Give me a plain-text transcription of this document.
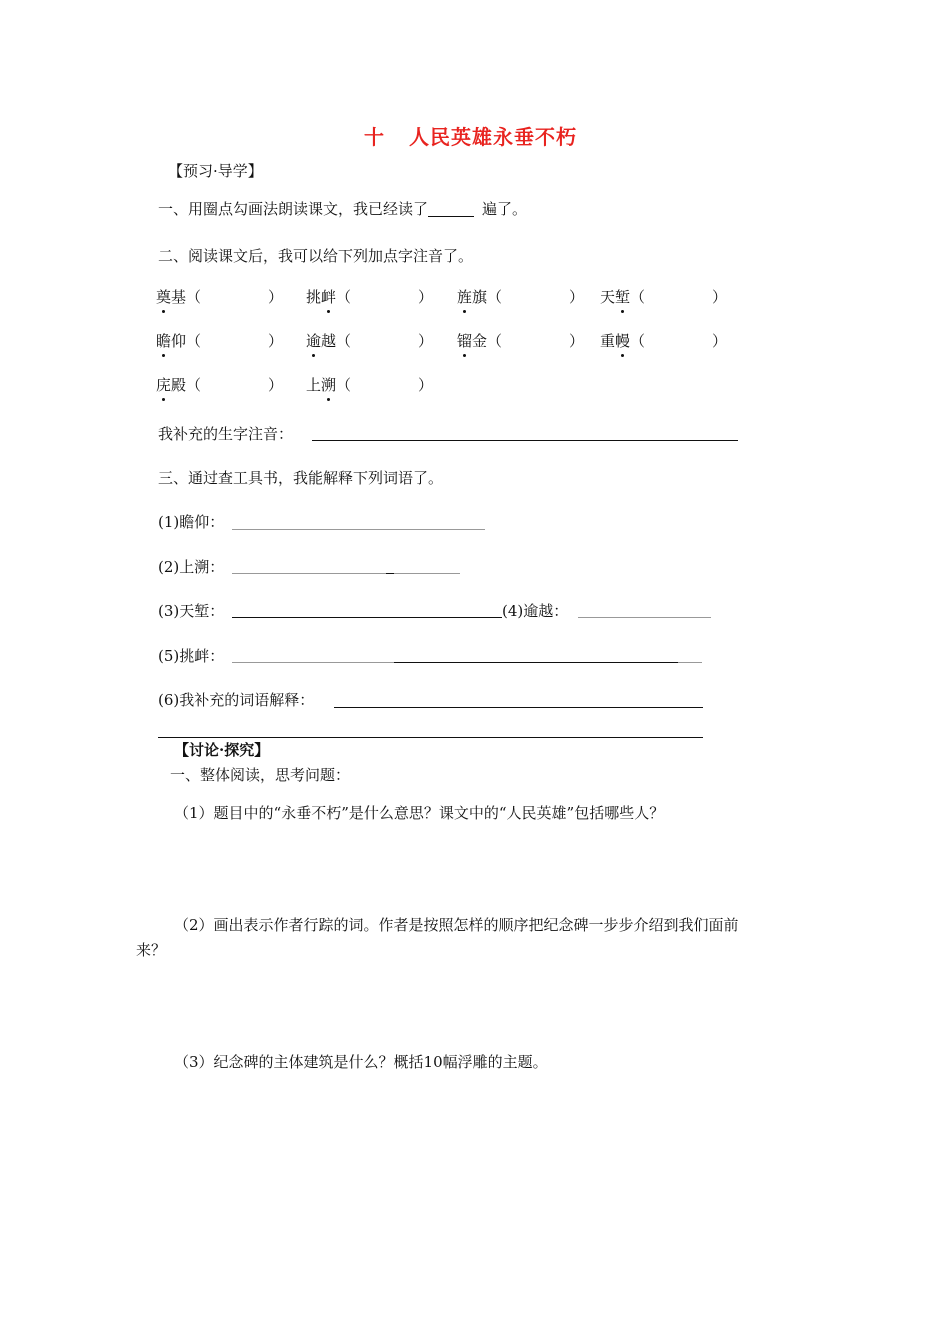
十 人民英雄永垂不朽
【预习·导学】
一、用圈点勾画法朗读课文，我已经读了	遍了。
二、阅读课文后，我可以给下列加点字注音了。
奠基（	） 挑衅（	） 旌旗（	） 天堑（	）
瞻仰（	） 逾越（	） 镏金（	） 重幔（	）
庑殿（	） 上溯（	）
我补充的生字注音：
三、通过查工具书，我能解释下列词语了。
(1)瞻仰：
(2)上溯：
(3)天堑：	(4)逾越：
(5)挑衅：
(6)我补充的词语解释：
【讨论·探究】
一、整体阅读，思考问题：
（1）题目中的“永垂不朽”是什么意思？课文中的“人民英雄”包括哪些人？
（2）画出表示作者行踪的词。作者是按照怎样的顺序把纪念碑一步步介绍到我们面前
来？
（3）纪念碑的主体建筑是什么？概括10幅浮雕的主题。
